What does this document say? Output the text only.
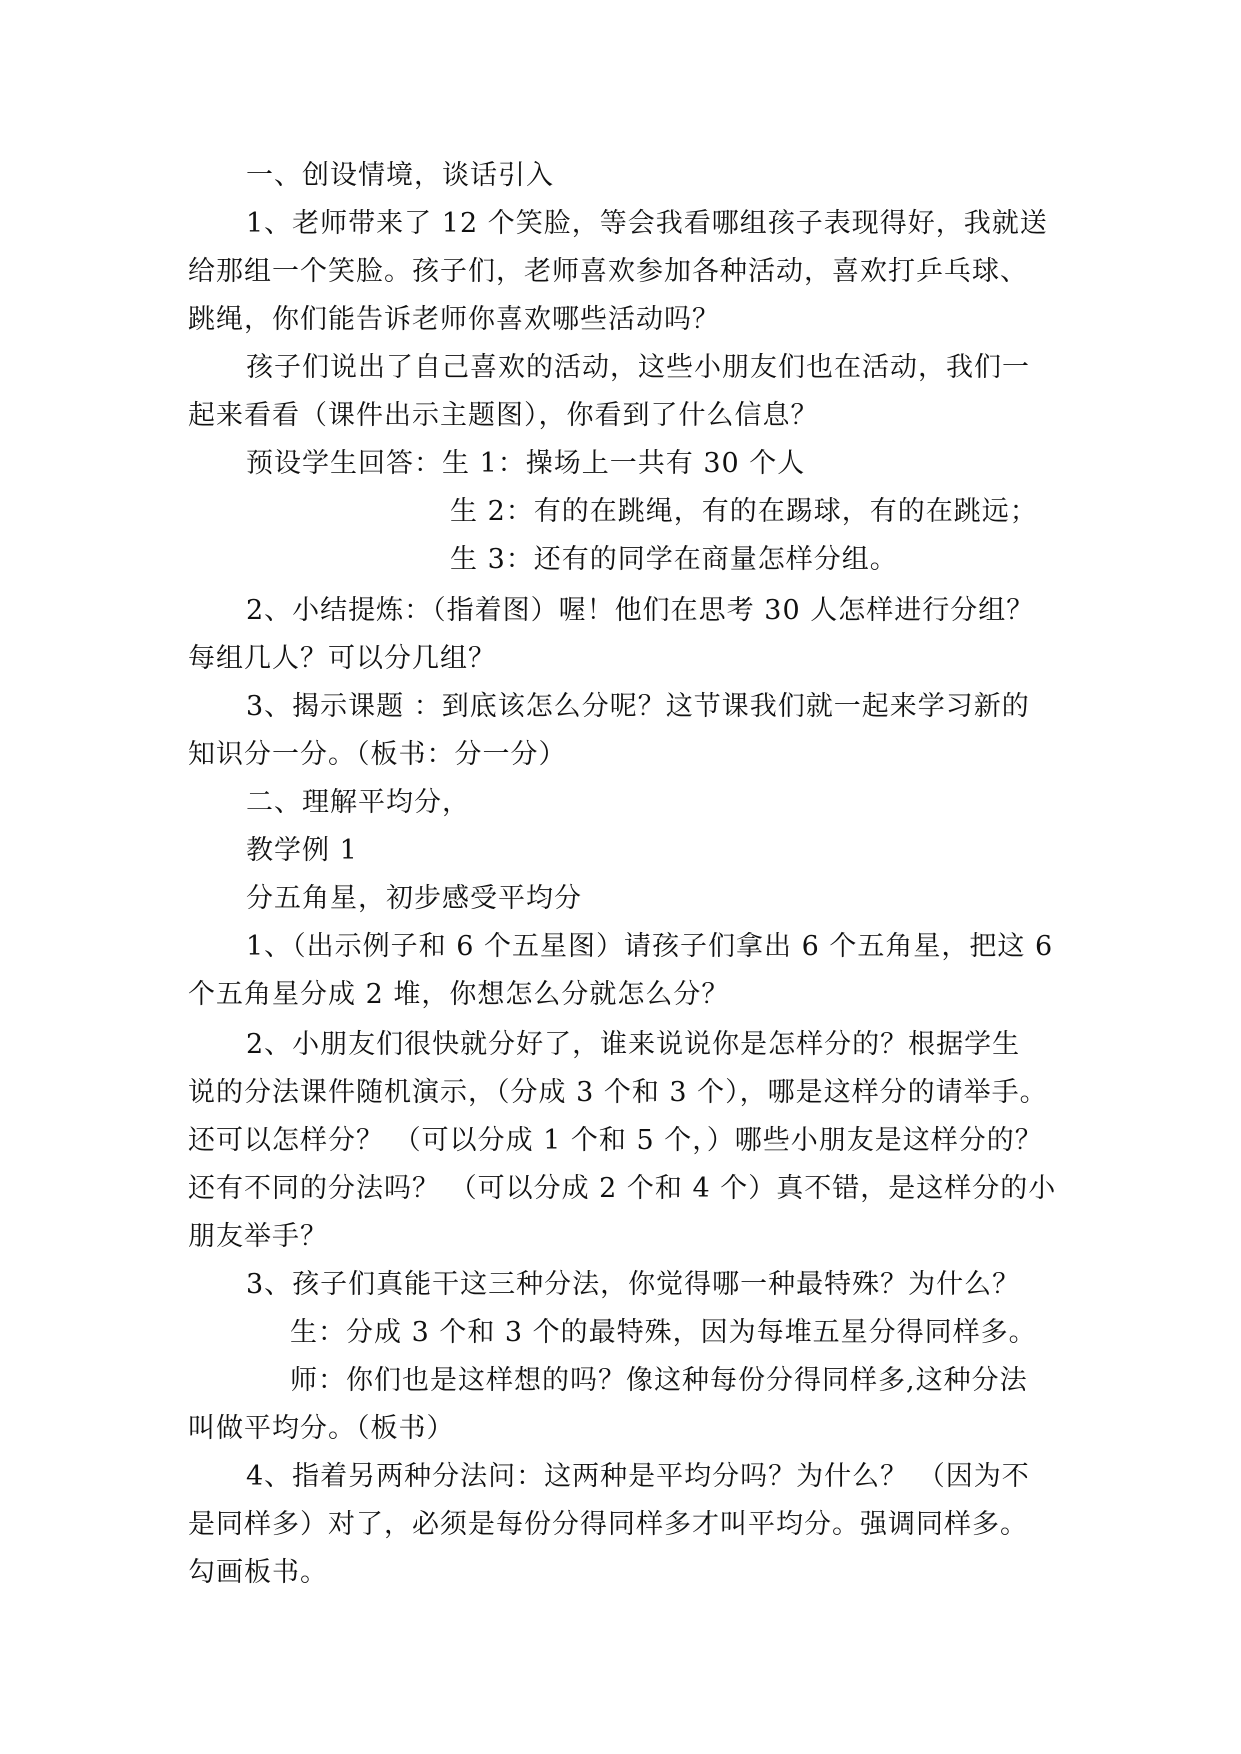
一、创设情境，谈话引入
1、老师带来了 12 个笑脸，等会我看哪组孩子表现得好，我就送
给那组一个笑脸。孩子们，老师喜欢参加各种活动，喜欢打乒乓球、
跳绳，你们能告诉老师你喜欢哪些活动吗？
孩子们说出了自己喜欢的活动，这些小朋友们也在活动，我们一
起来看看（课件出示主题图），你看到了什么信息？
预设学生回答：生 1：操场上一共有 30 个人
生 2：有的在跳绳，有的在踢球，有的在跳远；
生 3：还有的同学在商量怎样分组。
2、小结提炼：（指着图）喔！他们在思考 30 人怎样进行分组？
每组几人？可以分几组？
3、揭示课题 ：到底该怎么分呢？这节课我们就一起来学习新的
知识分一分。（板书：分一分）
二、理解平均分，
教学例 1
分五角星，初步感受平均分
1、（出示例子和 6 个五星图）请孩子们拿出 6 个五角星，把这 6
个五角星分成 2 堆，你想怎么分就怎么分？
2、小朋友们很快就分好了，谁来说说你是怎样分的？根据学生
说的分法课件随机演示，（分成 3 个和 3 个），哪是这样分的请举手。
还可以怎样分？ （可以分成 1 个和 5 个，）哪些小朋友是这样分的？
还有不同的分法吗？ （可以分成 2 个和 4 个）真不错，是这样分的小
朋友举手？
3、孩子们真能干这三种分法，你觉得哪一种最特殊？为什么？
生：分成 3 个和 3 个的最特殊，因为每堆五星分得同样多。
师：你们也是这样想的吗？像这种每份分得同样多,这种分法
叫做平均分。（板书）
4、指着另两种分法问：这两种是平均分吗？为什么？ （因为不
是同样多）对了，必须是每份分得同样多才叫平均分。强调同样多。
勾画板书。
